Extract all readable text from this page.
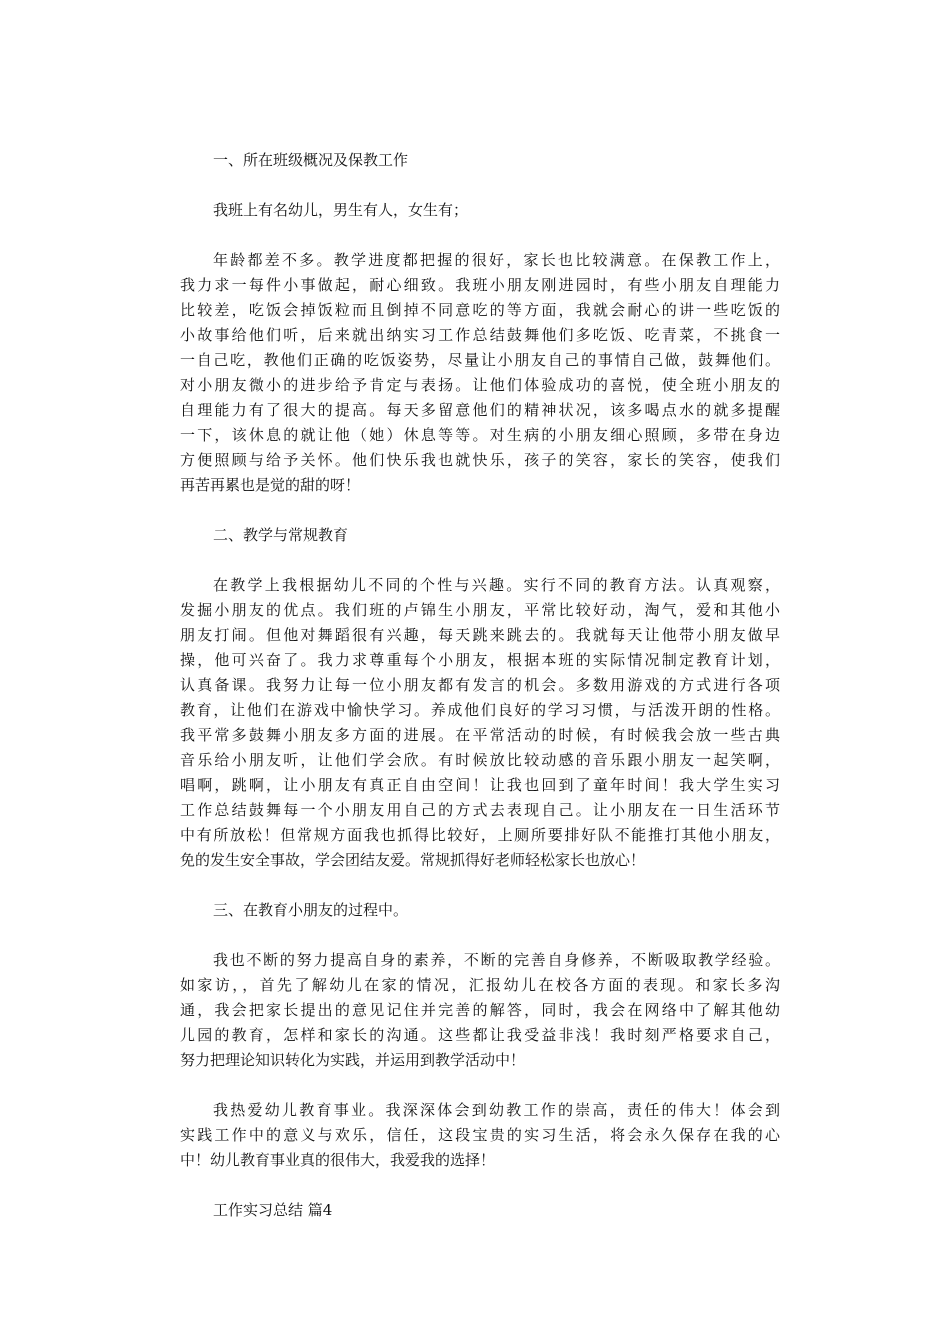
一、所在班级概况及保教工作

我班上有名幼儿，男生有人，女生有；
年龄都差不多。教学进度都把握的很好，家长也比较满意。在保教工作上，
我力求一每件小事做起，耐心细致。我班小朋友刚进园时，有些小朋友自理能力
比较差，吃饭会掉饭粒而且倒掉不同意吃的等方面，我就会耐心的讲一些吃饭的
小故事给他们听，后来就出纳实习工作总结鼓舞他们多吃饭、吃青菜，不挑食一
一自己吃，教他们正确的吃饭姿势，尽量让小朋友自己的事情自己做，鼓舞他们。
对小朋友微小的进步给予肯定与表扬。让他们体验成功的喜悦，使全班小朋友的
自理能力有了很大的提高。每天多留意他们的精神状况，该多喝点水的就多提醒
一下，该休息的就让他（她）休息等等。对生病的小朋友细心照顾，多带在身边
方便照顾与给予关怀。他们快乐我也就快乐，孩子的笑容，家长的笑容，使我们
再苦再累也是觉的甜的呀！

二、教学与常规教育

在教学上我根据幼儿不同的个性与兴趣。实行不同的教育方法。认真观察，
发掘小朋友的优点。我们班的卢锦生小朋友，平常比较好动，淘气，爱和其他小
朋友打闹。但他对舞蹈很有兴趣，每天跳来跳去的。我就每天让他带小朋友做早
操，他可兴奋了。我力求尊重每个小朋友，根据本班的实际情况制定教育计划，
认真备课。我努力让每一位小朋友都有发言的机会。多数用游戏的方式进行各项
教育，让他们在游戏中愉快学习。养成他们良好的学习习惯，与活泼开朗的性格。
我平常多鼓舞小朋友多方面的进展。在平常活动的时候，有时候我会放一些古典
音乐给小朋友听，让他们学会欣。有时候放比较动感的音乐跟小朋友一起笑啊，
唱啊，跳啊，让小朋友有真正自由空间！让我也回到了童年时间！我大学生实习
工作总结鼓舞每一个小朋友用自己的方式去表现自己。让小朋友在一日生活环节
中有所放松！但常规方面我也抓得比较好，上厕所要排好队不能推打其他小朋友，
免的发生安全事故，学会团结友爱。常规抓得好老师轻松家长也放心！

三、在教育小朋友的过程中。

我也不断的努力提高自身的素养，不断的完善自身修养，不断吸取教学经验。
如家访，，首先了解幼儿在家的情况，汇报幼儿在校各方面的表现。和家长多沟
通，我会把家长提出的意见记住并完善的解答，同时，我会在网络中了解其他幼
儿园的教育，怎样和家长的沟通。这些都让我受益非浅！我时刻严格要求自己，
努力把理论知识转化为实践，并运用到教学活动中！
我热爱幼儿教育事业。我深深体会到幼教工作的崇高，责任的伟大！体会到
实践工作中的意义与欢乐，信任，这段宝贵的实习生活，将会永久保存在我的心
中！幼儿教育事业真的很伟大，我爱我的选择！

工作实习总结 篇4
